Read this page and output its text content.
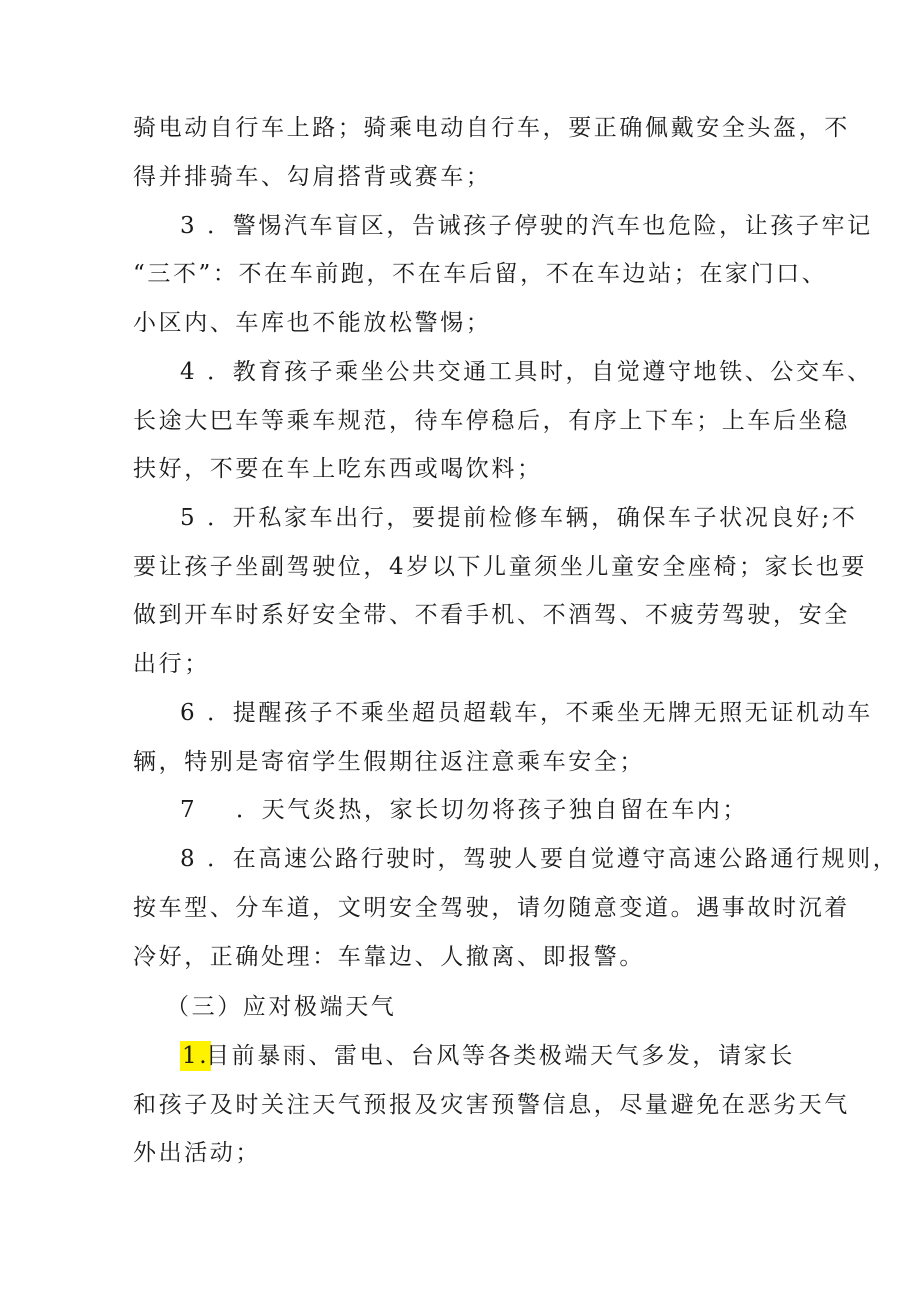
骑电动自行车上路；骑乘电动自行车，要正确佩戴安全头盔，不
得并排骑车、勾肩搭背或赛车；
3 ．警惕汽车盲区，告诫孩子停驶的汽车也危险，让孩子牢记
“三不”：不在车前跑，不在车后留，不在车边站；在家门口、
小区内、车库也不能放松警惕；
4 ．教育孩子乘坐公共交通工具时，自觉遵守地铁、公交车、
长途大巴车等乘车规范，待车停稳后，有序上下车；上车后坐稳
扶好，不要在车上吃东西或喝饮料；
5 ．开私家车出行，要提前检修车辆，确保车子状况良好;不
要让孩子坐副驾驶位，4岁以下儿童须坐儿童安全座椅；家长也要
做到开车时系好安全带、不看手机、不酒驾、不疲劳驾驶，安全
出行；
6 ．提醒孩子不乘坐超员超载车，不乘坐无牌无照无证机动车
辆，特别是寄宿学生假期往返注意乘车安全；
7 ．天气炎热，家长切勿将孩子独自留在车内；
8 ．在高速公路行驶时，驾驶人要自觉遵守高速公路通行规则，
按车型、分车道，文明安全驾驶，请勿随意变道。遇事故时沉着
冷好，正确处理：车靠边、人撤离、即报警。
（三）应对极端天气
1.
目前暴雨、雷电、台风等各类极端天气多发，请家长
和孩子及时关注天气预报及灾害预警信息，尽量避免在恶劣天气
外出活动；
